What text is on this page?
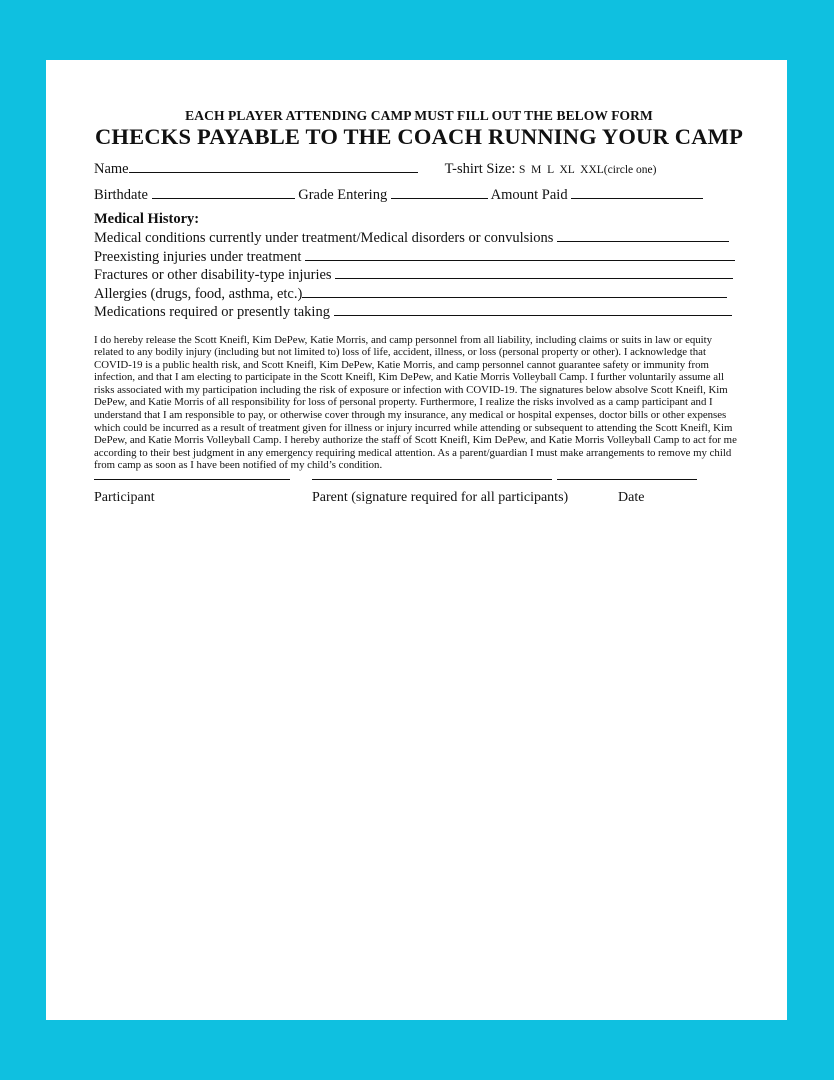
EACH PLAYER ATTENDING CAMP MUST FILL OUT THE BELOW FORM

CHECKS PAYABLE TO THE COACH RUNNING YOUR CAMP

Name	T-shirt Size: S  M  L  XL  XXL(circle one)
Birthdate	Grade Entering	Amount Paid
Medical History:
Medical conditions currently under treatment/Medical disorders or convulsions
Preexisting injuries under treatment
Fractures or other disability-type injuries
Allergies (drugs, food, asthma, etc.)
Medications required or presently taking
I do hereby release the Scott Kneifl, Kim DePew, Katie Morris, and camp personnel from all liability, including claims or suits in law or equity related to any bodily injury (including but not limited to) loss of life, accident, illness, or loss (personal property or other). I acknowledge that COVID-19 is a public health risk, and Scott Kneifl, Kim DePew, Katie Morris, and camp personnel cannot guarantee safety or immunity from infection, and that I am electing to participate in the Scott Kneifl, Kim DePew, and Katie Morris Volleyball Camp. I further voluntarily assume all risks associated with my participation including the risk of exposure or infection with COVID-19. The signatures below absolve Scott Kneifl, Kim DePew, and Katie Morris of all responsibility for loss of personal property. Furthermore, I realize the risks involved as a camp participant and I understand that I am responsible to pay, or otherwise cover through my insurance, any medical or hospital expenses, doctor bills or other expenses which could be incurred as a result of treatment given for illness or injury incurred while attending or subsequent to attending the Scott Kneifl, Kim DePew, and Katie Morris Volleyball Camp. I hereby authorize the staff of Scott Kneifl, Kim DePew, and Katie Morris Volleyball Camp to act for me according to their best judgment in any emergency requiring medical attention. As a parent/guardian I must make arrangements to remove my child from camp as soon as I have been notified of my child’s condition.
Participant	Parent (signature required for all participants)	Date
